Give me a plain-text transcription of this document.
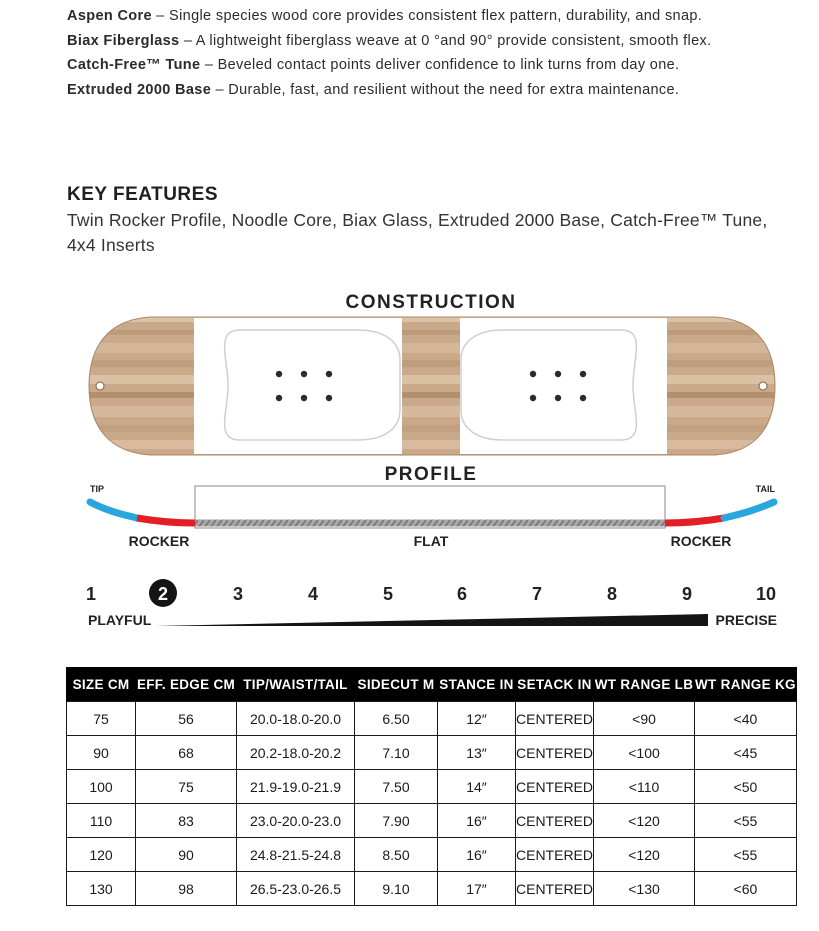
Aspen Core – Single species wood core provides consistent flex pattern, durability, and snap.
Biax Fiberglass – A lightweight fiberglass weave at 0 °and 90° provide consistent, smooth flex.
Catch-Free™ Tune – Beveled contact points deliver confidence to link turns from day one.
Extruded 2000 Base – Durable, fast, and resilient without the need for extra maintenance.
KEY FEATURES
Twin Rocker Profile, Noodle Core, Biax Glass, Extruded 2000 Base, Catch-Free™ Tune, 4x4 Inserts
CONSTRUCTION
PROFILE
TIP	TAIL
ROCKER	FLAT	ROCKER
1	2	3	4	5	6	7	8	9	10
PLAYFUL	PRECISE
SIZE CM	EFF. EDGE CM	TIP/WAIST/TAIL	SIDECUT M	STANCE IN	SETACK IN	WT RANGE LB	WT RANGE KG
75	56	20.0-18.0-20.0	6.50	12″	CENTERED	<90	<40
90	68	20.2-18.0-20.2	7.10	13″	CENTERED	<100	<45
100	75	21.9-19.0-21.9	7.50	14″	CENTERED	<110	<50
110	83	23.0-20.0-23.0	7.90	16″	CENTERED	<120	<55
120	90	24.8-21.5-24.8	8.50	16″	CENTERED	<120	<55
130	98	26.5-23.0-26.5	9.10	17″	CENTERED	<130	<60
